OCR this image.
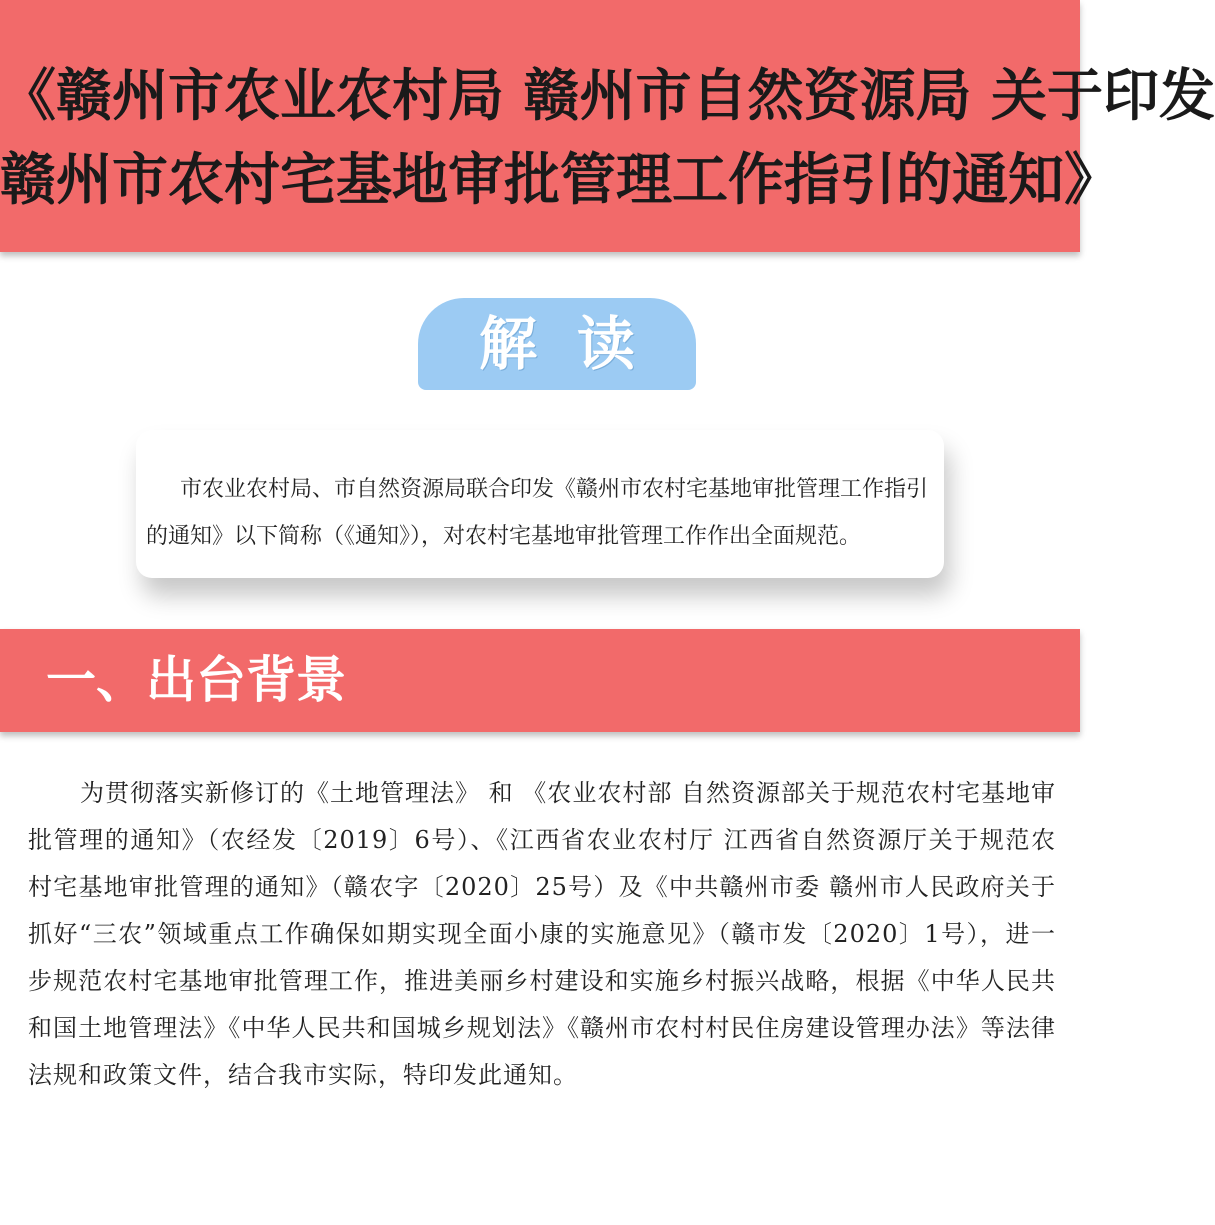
《赣州市农业农村局 赣州市自然资源局 关于印发
赣州市农村宅基地审批管理工作指引的通知》
解读
市农业农村局、市自然资源局联合印发《赣州市农村宅基地审批管理工作指引的通知》以下简称（《通知》），对农村宅基地审批管理工作作出全面规范。
一、出台背景
为贯彻落实新修订的《土地管理法》 和 《农业农村部 自然资源部关于规范农村宅基地审批管理的通知》（农经发〔2019〕6号）、《江西省农业农村厅 江西省自然资源厅关于规范农村宅基地审批管理的通知》（赣农字〔2020〕25号）及《中共赣州市委 赣州市人民政府关于抓好“三农”领域重点工作确保如期实现全面小康的实施意见》（赣市发〔2020〕1号），进一步规范农村宅基地审批管理工作，推进美丽乡村建设和实施乡村振兴战略，根据《中华人民共和国土地管理法》《中华人民共和国城乡规划法》《赣州市农村村民住房建设管理办法》等法律法规和政策文件，结合我市实际，特印发此通知。
